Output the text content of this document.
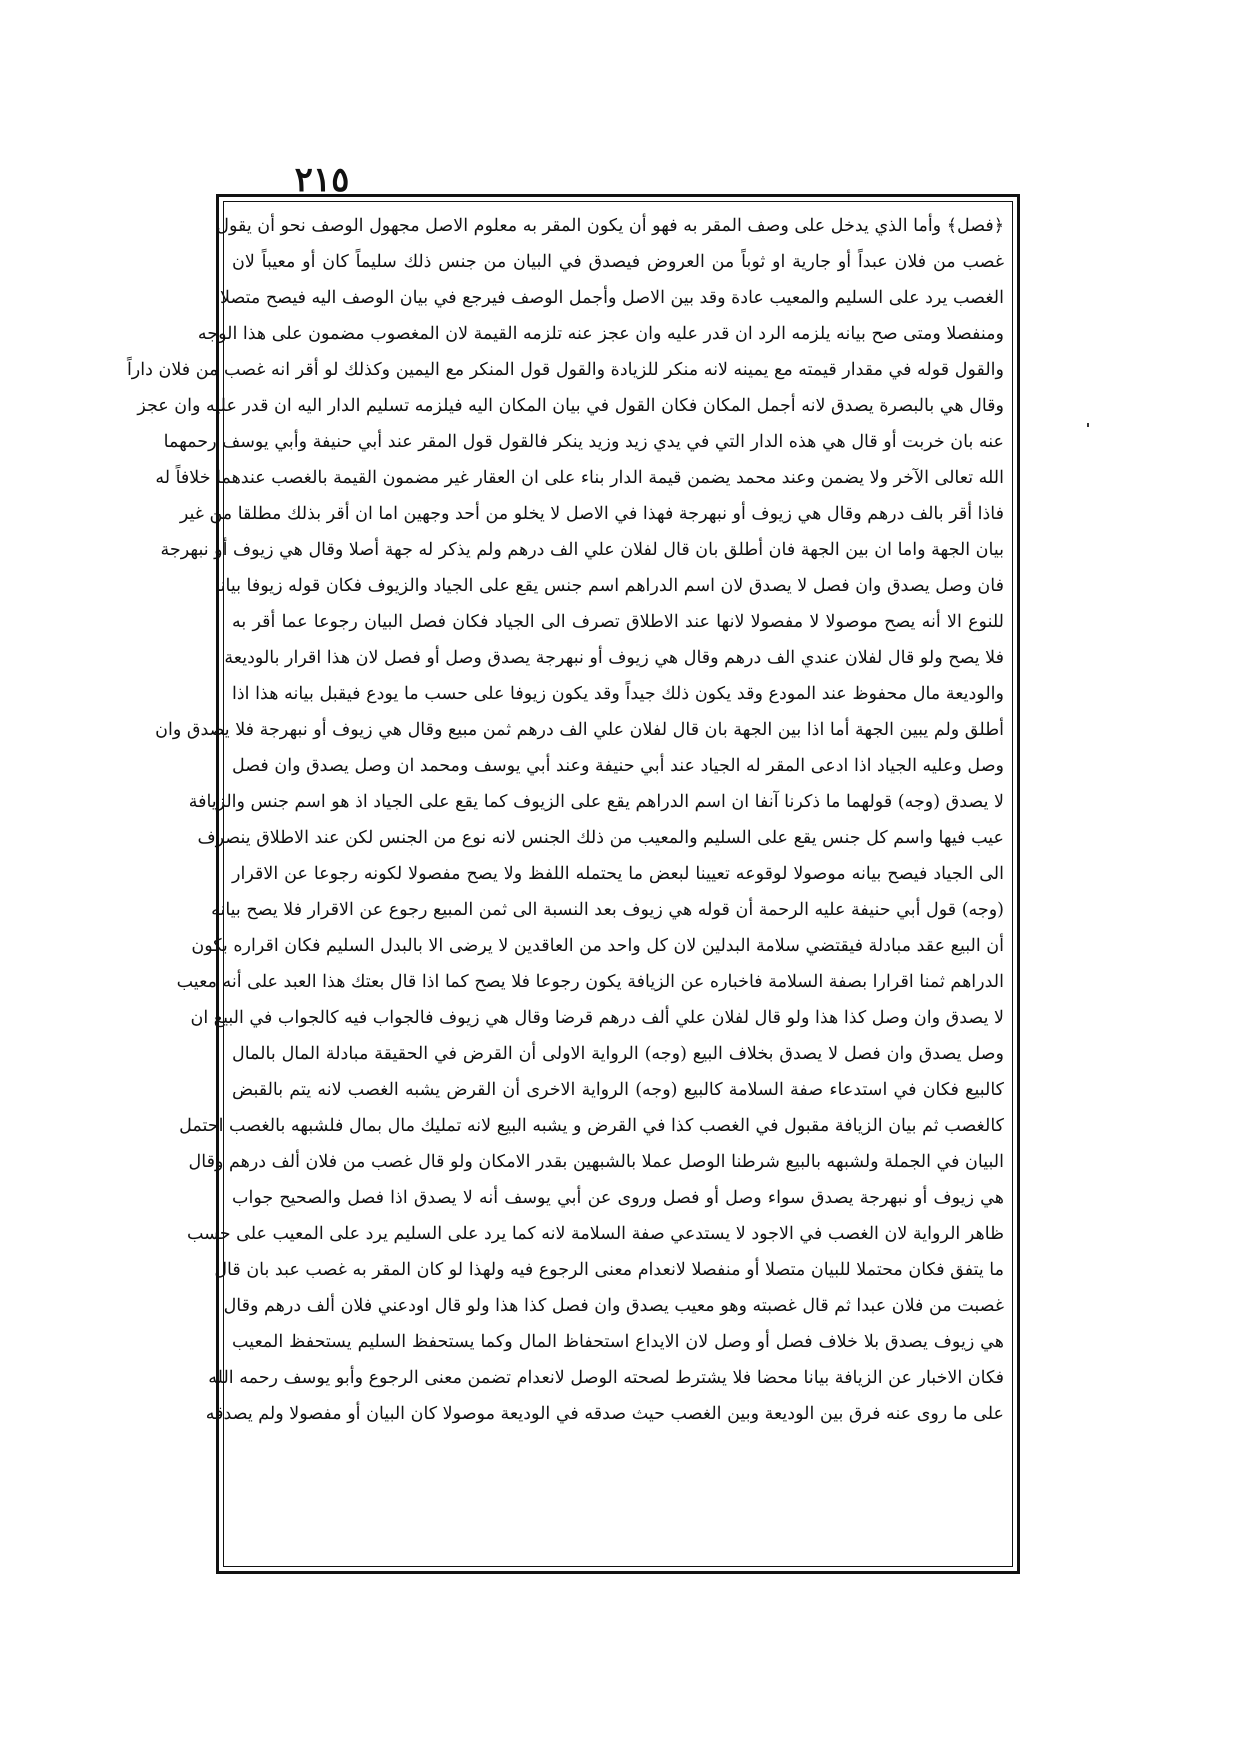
٢١٥
﴿فصل﴾ وأما الذي يدخل على وصف المقر به فهو أن يكون المقر به معلوم الاصل مجهول الوصف نحو أن يقول
غصب من فلان عبداً أو جارية او ثوباً من العروض فيصدق في البيان من جنس ذلك سليماً كان أو معيباً لان
الغصب يرد على السليم والمعيب عادة وقد بين الاصل وأجمل الوصف فيرجع في بيان الوصف اليه فيصح متصلا
ومنفصلا ومتى صح بيانه يلزمه الرد ان قدر عليه وان عجز عنه تلزمه القيمة لان المغصوب مضمون على هذا الوجه
والقول قوله في مقدار قيمته مع يمينه لانه منكر للزيادة والقول قول المنكر مع اليمين وكذلك لو أقر انه غصب من فلان داراً
وقال هي بالبصرة يصدق لانه أجمل المكان فكان القول في بيان المكان اليه فيلزمه تسليم الدار اليه ان قدر عليه وان عجز
عنه بان خربت أو قال هي هذه الدار التي في يدي زيد وزيد ينكر فالقول قول المقر عند أبي حنيفة وأبي يوسف رحمهما
الله تعالى الآخر ولا يضمن وعند محمد يضمن قيمة الدار بناء على ان العقار غير مضمون القيمة بالغصب عندهما خلافاً له
فاذا أقر بالف درهم وقال هي زيوف أو نبهرجة فهذا في الاصل لا يخلو من أحد وجهين اما ان أقر بذلك مطلقا من غير
بيان الجهة واما ان بين الجهة فان أطلق بان قال لفلان علي الف درهم ولم يذكر له جهة أصلا وقال هي زيوف أو نبهرجة
فان وصل يصدق وان فصل لا يصدق لان اسم الدراهم اسم جنس يقع على الجياد والزيوف فكان قوله زيوفا بيانا
للنوع الا أنه يصح موصولا لا مفصولا لانها عند الاطلاق تصرف الى الجياد فكان فصل البيان رجوعا عما أقر به
فلا يصح ولو قال لفلان عندي الف درهم وقال هي زيوف أو نبهرجة يصدق وصل أو فصل لان هذا اقرار بالوديعة
والوديعة مال محفوظ عند المودع وقد يكون ذلك جيداً وقد يكون زيوفا على حسب ما يودع فيقبل بيانه هذا اذا
أطلق ولم يبين الجهة أما اذا بين الجهة بان قال لفلان علي الف درهم ثمن مبيع وقال هي زيوف أو نبهرجة فلا يصدق وان
وصل وعليه الجياد اذا ادعى المقر له الجياد عند أبي حنيفة وعند أبي يوسف ومحمد ان وصل يصدق وان فصل
لا يصدق (وجه) قولهما ما ذكرنا آنفا ان اسم الدراهم يقع على الزيوف كما يقع على الجياد اذ هو اسم جنس والزيافة
عيب فيها واسم كل جنس يقع على السليم والمعيب من ذلك الجنس لانه نوع من الجنس لكن عند الاطلاق ينصرف
الى الجياد فيصح بيانه موصولا لوقوعه تعيينا لبعض ما يحتمله اللفظ ولا يصح مفصولا لكونه رجوعا عن الاقرار
(وجه) قول أبي حنيفة عليه الرحمة أن قوله هي زيوف بعد النسبة الى ثمن المبيع رجوع عن الاقرار فلا يصح بيانه
أن البيع عقد مبادلة فيقتضي سلامة البدلين لان كل واحد من العاقدين لا يرضى الا بالبدل السليم فكان اقراره بكون
الدراهم ثمنا اقرارا بصفة السلامة فاخباره عن الزيافة يكون رجوعا فلا يصح كما اذا قال بعتك هذا العبد على أنه معيب
لا يصدق وان وصل كذا هذا ولو قال لفلان علي ألف درهم قرضا وقال هي زيوف فالجواب فيه كالجواب في البيع ان
وصل يصدق وان فصل لا يصدق بخلاف البيع (وجه) الرواية الاولى أن القرض في الحقيقة مبادلة المال بالمال
كالبيع فكان في استدعاء صفة السلامة كالبيع (وجه) الرواية الاخرى أن القرض يشبه الغصب لانه يتم بالقبض
كالغصب ثم بيان الزيافة مقبول في الغصب كذا في القرض و يشبه البيع لانه تمليك مال بمال فلشبهه بالغصب احتمل
البيان في الجملة ولشبهه بالبيع شرطنا الوصل عملا بالشبهين بقدر الامكان ولو قال غصب من فلان ألف درهم وقال
هي زيوف أو نبهرجة يصدق سواء وصل أو فصل وروى عن أبي يوسف أنه لا يصدق اذا فصل والصحيح جواب
ظاهر الرواية لان الغصب في الاجود لا يستدعي صفة السلامة لانه كما يرد على السليم يرد على المعيب على حسب
ما يتفق فكان محتملا للبيان متصلا أو منفصلا لانعدام معنى الرجوع فيه ولهذا لو كان المقر به غصب عبد بان قال
غصبت من فلان عبدا ثم قال غصبته وهو معيب يصدق وان فصل كذا هذا ولو قال اودعني فلان ألف درهم وقال
هي زيوف يصدق بلا خلاف فصل أو وصل لان الايداع استحفاظ المال وكما يستحفظ السليم يستحفظ المعيب
فكان الاخبار عن الزيافة بيانا محضا فلا يشترط لصحته الوصل لانعدام تضمن معنى الرجوع وأبو يوسف رحمه الله
على ما روى عنه فرق بين الوديعة وبين الغصب حيث صدقه في الوديعة موصولا كان البيان أو مفصولا ولم يصدقه
